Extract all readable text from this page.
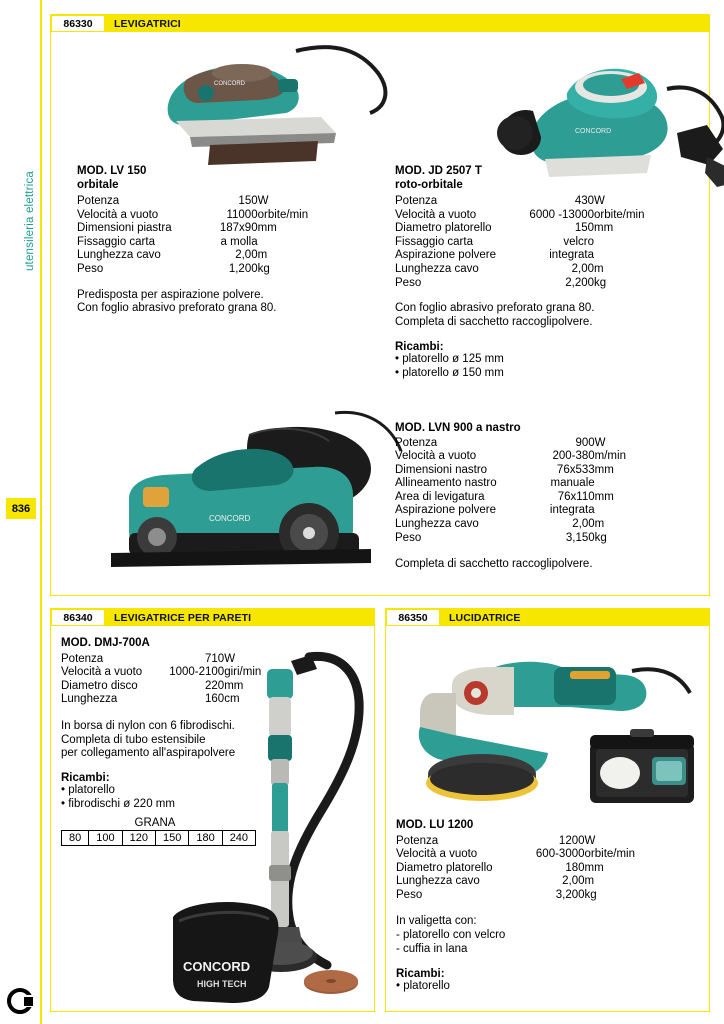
utensileria elettrica
836
86330	LEVIGATRICI
CONCORD
CONCORD
CONCORD
MOD. LV 150
orbitale
Potenza	150	W
Velocità a vuoto	11000	orbite/min
Dimensioni piastra	187x90	mm
Fissaggio carta	a molla	
Lunghezza cavo	2,00	m
Peso	1,200	kg
Predisposta per aspirazione polvere.
Con foglio abrasivo preforato grana 80.
MOD. JD 2507 T
roto-orbitale
Potenza	430	W
Velocità a vuoto	6000 -13000	orbite/min
Diametro platorello	150	mm
Fissaggio carta	velcro	
Aspirazione polvere	integrata	
Lunghezza cavo	2,00	m
Peso	2,200	kg
Con foglio abrasivo preforato grana 80.
Completa di sacchetto raccoglipolvere.
Ricambi:
• platorello ø 125 mm
• platorello ø 150 mm
MOD. LVN 900 a nastro
Potenza	900	W
Velocità a vuoto	200-380	m/min
Dimensioni nastro	76x533	mm
Allineamento nastro	manuale	
Area di levigatura	76x110	mm
Aspirazione polvere	integrata	
Lunghezza cavo	2,00	m
Peso	3,150	kg
Completa di sacchetto raccoglipolvere.
86340	LEVIGATRICE PER PARETI
CONCORD
HIGH TECH
MOD. DMJ-700A
Potenza	710	W
Velocità a vuoto	1000-2100	giri/min
Diametro disco	220	mm
Lunghezza	160	cm
In borsa di nylon con 6 fibrodischi.
Completa di tubo estensibile
per collegamento all'aspirapolvere
Ricambi:
• platorello
• fibrodischi ø 220 mm
GRANA
80	100	120	150	180	240
86350	LUCIDATRICE
MOD. LU 1200
Potenza	1200	W
Velocità a vuoto	600-3000	orbite/min
Diametro platorello	180	mm
Lunghezza cavo	2,00	m
Peso	3,200	kg
In valigetta con:
- platorello con velcro
- cuffia in lana
Ricambi:
• platorello
